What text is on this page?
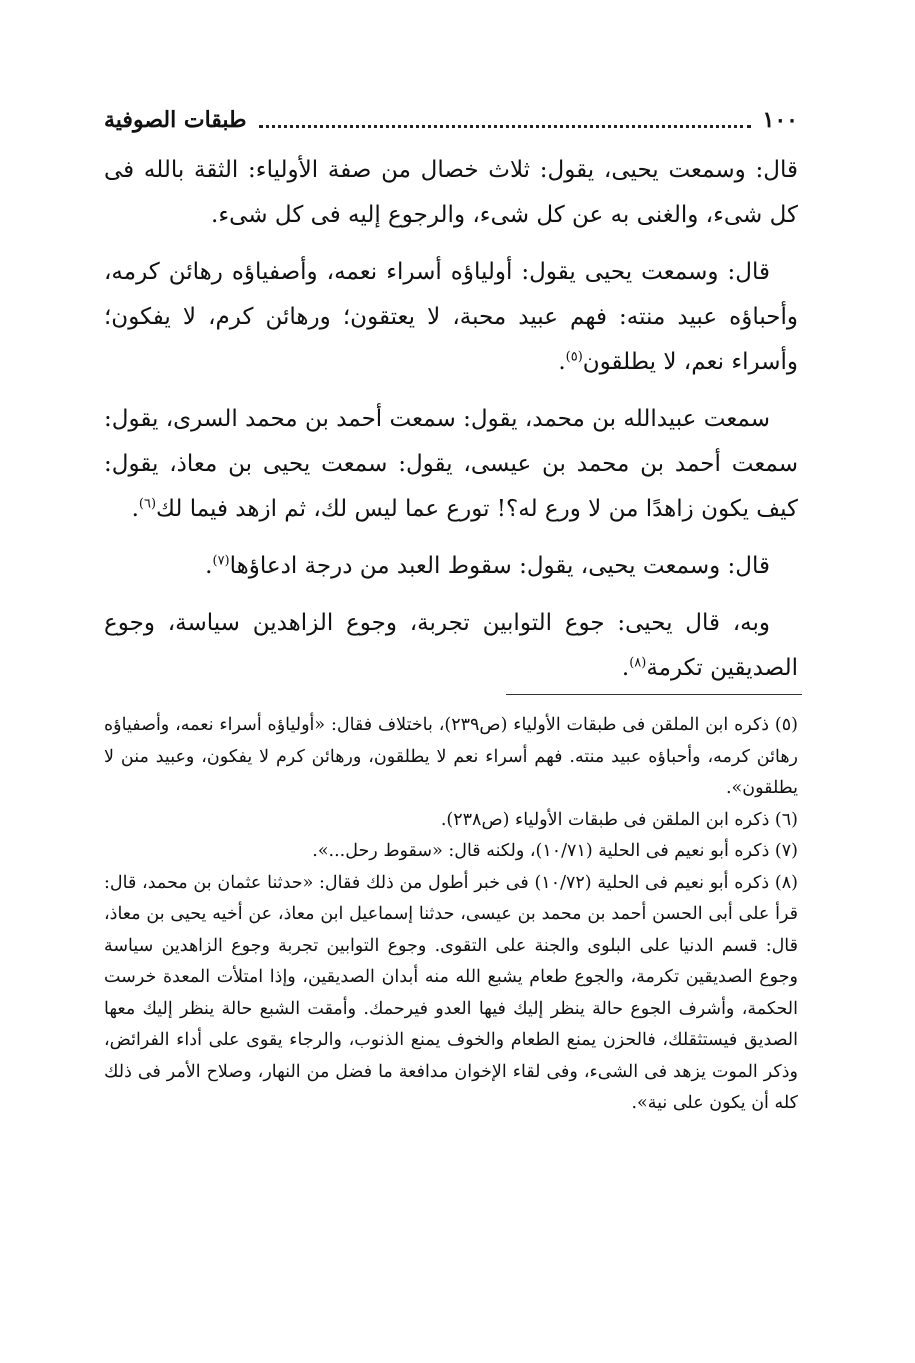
١٠٠
طبقات الصوفية

قال: وسمعت يحيى، يقول: ثلاث خصال من صفة الأولياء: الثقة بالله فى كل شىء، والغنى به عن كل شىء، والرجوع إليه فى كل شىء.

قال: وسمعت يحيى يقول: أولياؤه أسراء نعمه، وأصفياؤه رهائن كرمه، وأحباؤه عبيد منته: فهم عبيد محبة، لا يعتقون؛ ورهائن كرم، لا يفكون؛ وأسراء نعم، لا يطلقون$^{(٥)}$.

سمعت عبيدالله بن محمد، يقول: سمعت أحمد بن محمد السرى، يقول: سمعت أحمد بن محمد بن عيسى، يقول: سمعت يحيى بن معاذ، يقول: كيف يكون زاهدًا من لا ورع له؟! تورع عما ليس لك، ثم ازهد فيما لك$^{(٦)}$.

قال: وسمعت يحيى، يقول: سقوط العبد من درجة ادعاؤها$^{(٧)}$.

وبه، قال يحيى: جوع التوابين تجربة، وجوع الزاهدين سياسة، وجوع الصديقين تكرمة$^{(٨)}$.

(٥) ذكره ابن الملقن فى طبقات الأولياء (ص٢٣٩)، باختلاف فقال: «أولياؤه أسراء نعمه، وأصفياؤه رهائن كرمه، وأحباؤه عبيد منته. فهم أسراء نعم لا يطلقون، ورهائن كرم لا يفكون، وعبيد منن لا يطلقون».

(٦) ذكره ابن الملقن فى طبقات الأولياء (ص٢٣٨).

(٧) ذكره أبو نعيم فى الحلية (١٠/٧١)، ولكنه قال: «سقوط رحل...».

(٨) ذكره أبو نعيم فى الحلية (١٠/٧٢) فى خبر أطول من ذلك فقال: «حدثنا عثمان بن محمد، قال: قرأ على أبى الحسن أحمد بن محمد بن عيسى، حدثنا إسماعيل ابن معاذ، عن أخيه يحيى بن معاذ، قال: قسم الدنيا على البلوى والجنة على التقوى. وجوع التوابين تجربة وجوع الزاهدين سياسة وجوع الصديقين تكرمة، والجوع طعام يشبع الله منه أبدان الصديقين، وإذا امتلأت المعدة خرست الحكمة، وأشرف الجوع حالة ينظر إليك فيها العدو فيرحمك. وأمقت الشبع حالة ينظر إليك معها الصديق فيستثقلك، فالحزن يمنع الطعام والخوف يمنع الذنوب، والرجاء يقوى على أداء الفرائض، وذكر الموت يزهد فى الشىء، وفى لقاء الإخوان مدافعة ما فضل من النهار، وصلاح الأمر فى ذلك كله أن يكون على نية».
